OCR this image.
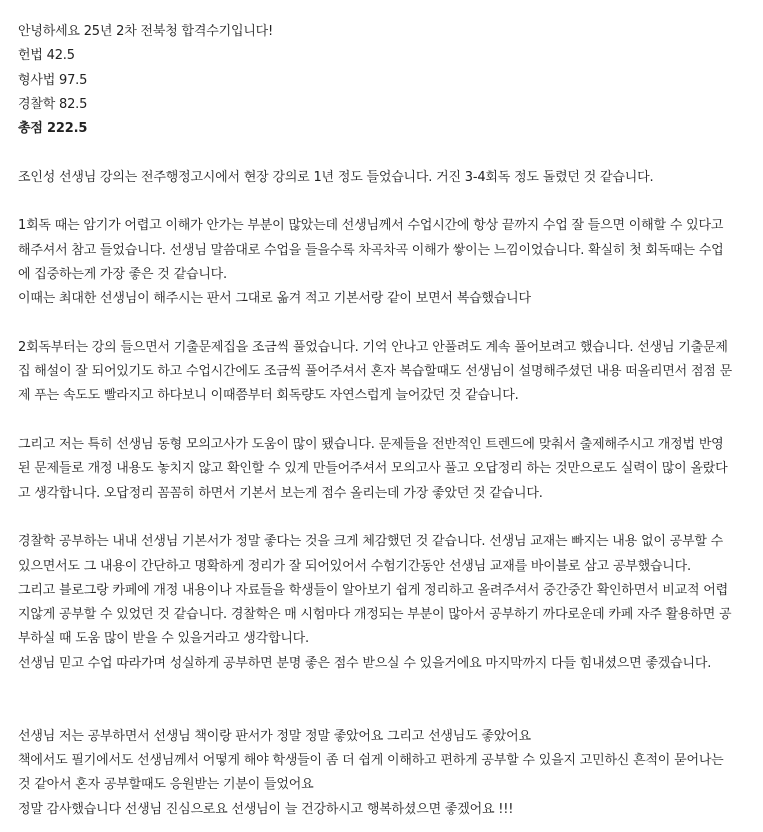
안녕하세요 25년 2차 전북청 합격수기입니다!
헌법 42.5
형사법 97.5
경찰학 82.5
총점 222.5
조인성 선생님 강의는 전주행정고시에서 현장 강의로 1년 정도 들었습니다. 거진 3-4회독 정도 돌렸던 것 같습니다.
1회독 때는 암기가 어렵고 이해가 안가는 부분이 많았는데 선생님께서 수업시간에 항상 끝까지 수업 잘 들으면 이해할 수 있다고
해주셔서 참고 들었습니다. 선생님 말씀대로 수업을 들을수록 차곡차곡 이해가 쌓이는 느낌이었습니다. 확실히 첫 회독때는 수업
에 집중하는게 가장 좋은 것 같습니다.
이때는 최대한 선생님이 해주시는 판서 그대로 옮겨 적고 기본서랑 같이 보면서 복습했습니다
2회독부터는 강의 들으면서 기출문제집을 조금씩 풀었습니다. 기억 안나고 안풀려도 계속 풀어보려고 했습니다. 선생님 기출문제
집 해설이 잘 되어있기도 하고 수업시간에도 조금씩 풀어주셔서 혼자 복습할때도 선생님이 설명해주셨던 내용 떠올리면서 점점 문
제 푸는 속도도 빨라지고 하다보니 이때쯤부터 회독량도 자연스럽게 늘어갔던 것 같습니다.
그리고 저는 특히 선생님 동형 모의고사가 도움이 많이 됐습니다. 문제들을 전반적인 트렌드에 맞춰서 출제해주시고 개정법 반영
된 문제들로 개정 내용도 놓치지 않고 확인할 수 있게 만들어주셔서 모의고사 풀고 오답정리 하는 것만으로도 실력이 많이 올랐다
고 생각합니다. 오답정리 꼼꼼히 하면서 기본서 보는게 점수 올리는데 가장 좋았던 것 같습니다.
경찰학 공부하는 내내 선생님 기본서가 정말 좋다는 것을 크게 체감했던 것 같습니다. 선생님 교재는 빠지는 내용 없이 공부할 수
있으면서도 그 내용이 간단하고 명확하게 정리가 잘 되어있어서 수험기간동안 선생님 교재를 바이블로 삼고 공부했습니다.
그리고 블로그랑 카페에 개정 내용이나 자료들을 학생들이 알아보기 쉽게 정리하고 올려주셔서 중간중간 확인하면서 비교적 어렵
지않게 공부할 수 있었던 것 같습니다. 경찰학은 매 시험마다 개정되는 부분이 많아서 공부하기 까다로운데 카페 자주 활용하면 공
부하실 때 도움 많이 받을 수 있을거라고 생각합니다.
선생님 믿고 수업 따라가며 성실하게 공부하면 분명 좋은 점수 받으실 수 있을거에요 마지막까지 다들 힘내셨으면 좋겠습니다.
선생님 저는 공부하면서 선생님 책이랑 판서가 정말 정말 좋았어요 그리고 선생님도 좋았어요
책에서도 필기에서도 선생님께서 어떻게 해야 학생들이 좀 더 쉽게 이해하고 편하게 공부할 수 있을지 고민하신 흔적이 묻어나는
것 같아서 혼자 공부할때도 응원받는 기분이 들었어요
정말 감사했습니다 선생님 진심으로요 선생님이 늘 건강하시고 행복하셨으면 좋겠어요 !!!
